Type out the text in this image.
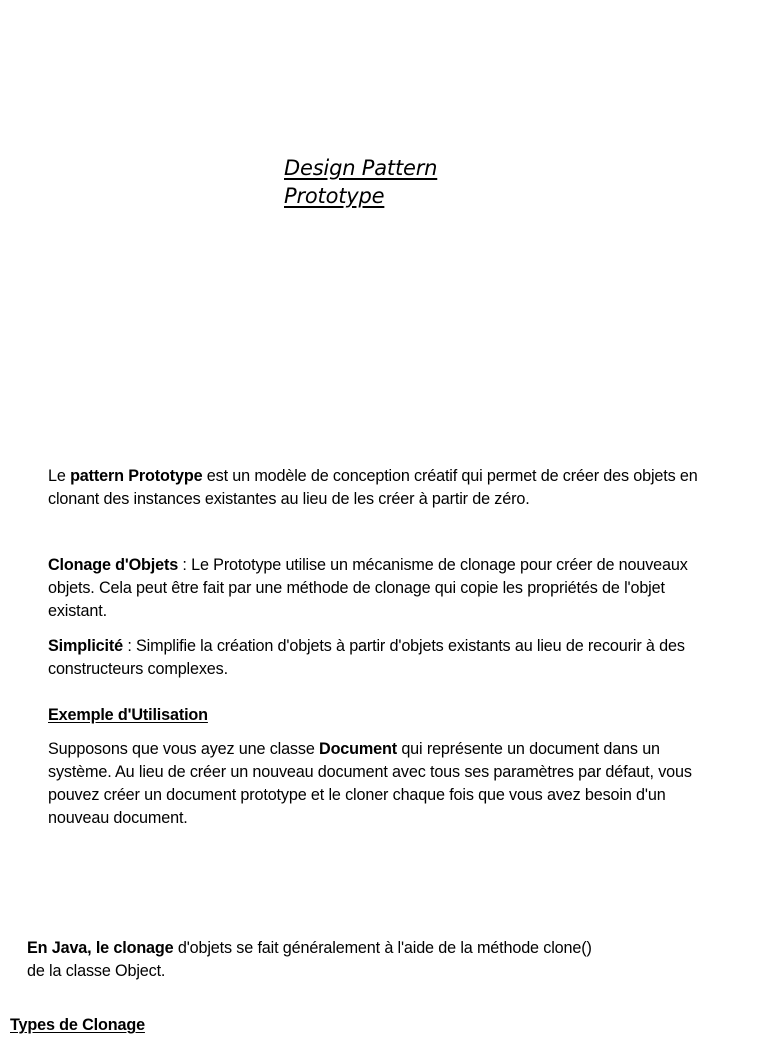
Design Pattern
Prototype
Le pattern Prototype est un modèle de conception créatif qui permet de créer des objets en clonant des instances existantes au lieu de les créer à partir de zéro.
Clonage d'Objets : Le Prototype utilise un mécanisme de clonage pour créer de nouveaux objets. Cela peut être fait par une méthode de clonage qui copie les propriétés de l'objet existant.
Simplicité : Simplifie la création d'objets à partir d'objets existants au lieu de recourir à des constructeurs complexes.
Exemple d'Utilisation
Supposons que vous ayez une classe Document qui représente un document dans un système. Au lieu de créer un nouveau document avec tous ses paramètres par défaut, vous pouvez créer un document prototype et le cloner chaque fois que vous avez besoin d'un nouveau document.
En Java, le clonage d'objets se fait généralement à l'aide de la méthode clone()
de la classe Object.
Types de Clonage
